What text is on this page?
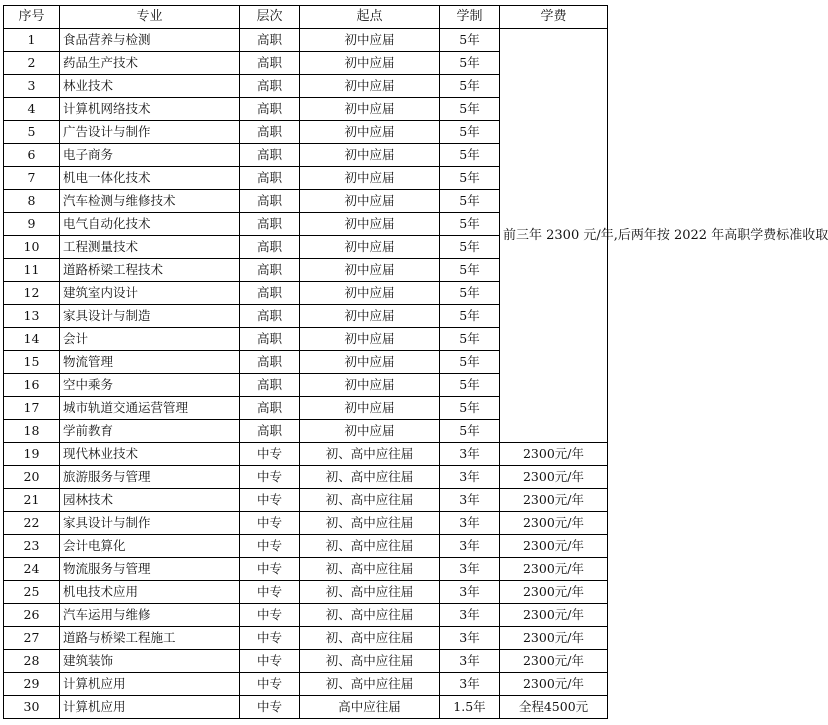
序号	专业	层次	起点	学制	学费
1	食品营养与检测	高职	初中应届	5年	前三年 2300 元/年,后两年按 2022 年高职学费标准收取
2	药品生产技术	高职	初中应届	5年	
3	林业技术	高职	初中应届	5年	
4	计算机网络技术	高职	初中应届	5年	
5	广告设计与制作	高职	初中应届	5年	
6	电子商务	高职	初中应届	5年	
7	机电一体化技术	高职	初中应届	5年	
8	汽车检测与维修技术	高职	初中应届	5年	
9	电气自动化技术	高职	初中应届	5年	
10	工程测量技术	高职	初中应届	5年	
11	道路桥梁工程技术	高职	初中应届	5年	
12	建筑室内设计	高职	初中应届	5年	
13	家具设计与制造	高职	初中应届	5年	
14	会计	高职	初中应届	5年	
15	物流管理	高职	初中应届	5年	
16	空中乘务	高职	初中应届	5年	
17	城市轨道交通运营管理	高职	初中应届	5年	
18	学前教育	高职	初中应届	5年	
19	现代林业技术	中专	初、高中应往届	3年	2300元/年
20	旅游服务与管理	中专	初、高中应往届	3年	2300元/年
21	园林技术	中专	初、高中应往届	3年	2300元/年
22	家具设计与制作	中专	初、高中应往届	3年	2300元/年
23	会计电算化	中专	初、高中应往届	3年	2300元/年
24	物流服务与管理	中专	初、高中应往届	3年	2300元/年
25	机电技术应用	中专	初、高中应往届	3年	2300元/年
26	汽车运用与维修	中专	初、高中应往届	3年	2300元/年
27	道路与桥梁工程施工	中专	初、高中应往届	3年	2300元/年
28	建筑装饰	中专	初、高中应往届	3年	2300元/年
29	计算机应用	中专	初、高中应往届	3年	2300元/年
30	计算机应用	中专	高中应往届	1.5年	全程4500元
